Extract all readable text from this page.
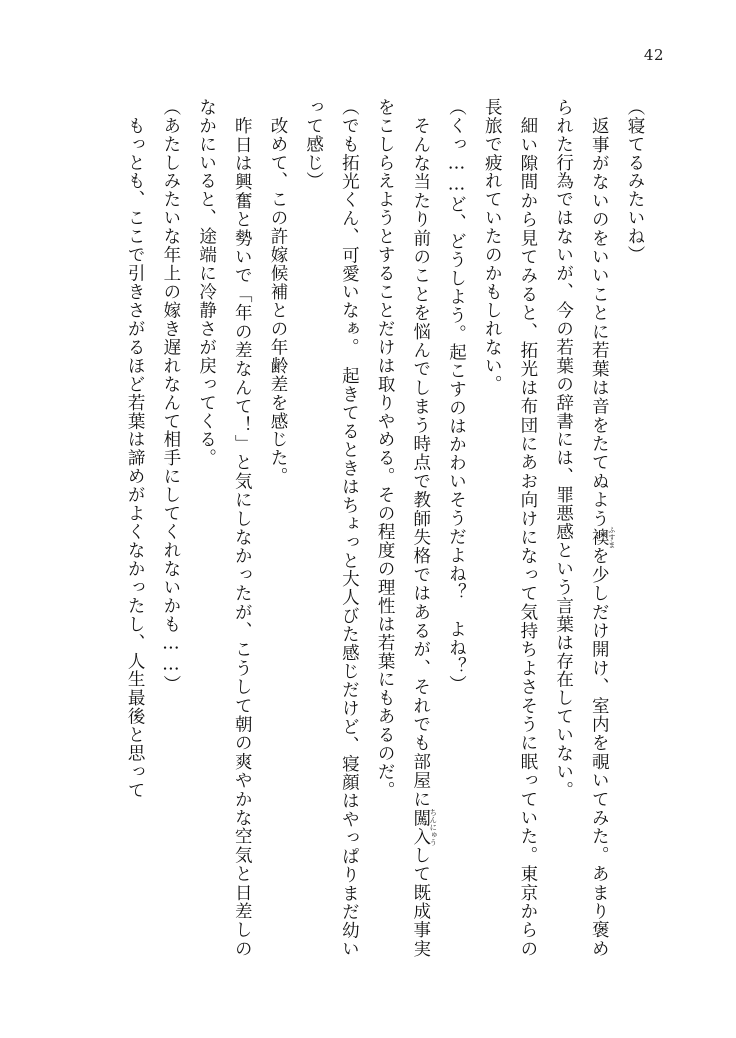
42

（寝てるみたいね）

　返事がないのをいいことに若葉は音をたてぬよう襖ふすまを少しだけ開け、室内を覗いてみた。あまり褒められた行為ではないが、今の若葉の辞書には、罪悪感という言葉は存在していない。

　細い隙間から見てみると、拓光は布団にあお向けになって気持ちよさそうに眠っていた。東京からの長旅で疲れていたのかもしれない。

（くっ……ど、どうしよう。起こすのはかわいそうだよね？　よね？）

　そんな当たり前のことを悩んでしまう時点で教師失格ではあるが、それでも部屋に闖入ちんにゅうして既成事実をこしらえようとすることだけは取りやめる。その程度の理性は若葉にもあるのだ。

（でも拓光くん、可愛いなぁ。　起きてるときはちょっと大人びた感じだけど、寝顔はやっぱりまだ幼いって感じ）

　改めて、この許嫁候補との年齢差を感じた。

　昨日は興奮と勢いで「年の差なんて！」と気にしなかったが、こうして朝の爽やかな空気と日差しのなかにいると、途端に冷静さが戻ってくる。

（あたしみたいな年上の嫁き遅れなんて相手にしてくれないかも……）

　もっとも、ここで引きさがるほど若葉は諦めがよくなかったし、人生最後と思って
